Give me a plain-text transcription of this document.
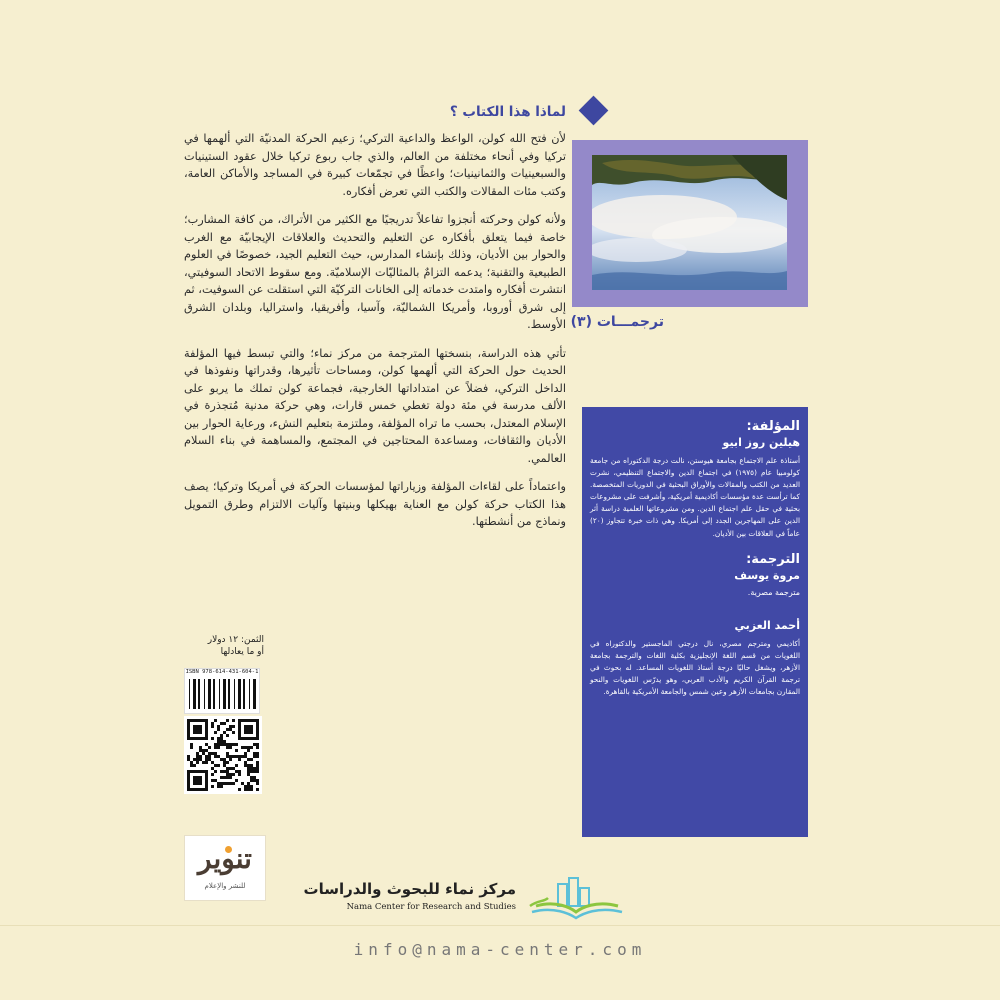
لماذا هذا الكتاب ؟

لأن فتح الله كولن، الواعظ والداعية التركي؛ زعيم الحركة المدنيّة التي ألهمها في تركيا وفي أنحاء مختلفة من العالم، والذي جاب ربوع تركيا خلال عقود الستينيات والسبعينيات والثمانينيات؛ واعظًا في تجمّعات كبيرة في المساجد والأماكن العامة، وكتب مئات المقالات والكتب التي تعرض أفكاره.

ولأنه كولن وحركته أنجزوا تفاعلاً تدريجيًا مع الكثير من الأتراك، من كافة المشارب؛ خاصة فيما يتعلق بأفكاره عن التعليم والتحديث والعلاقات الإيجابيّة مع الغرب والحوار بين الأديان، وذلك بإنشاء المدارس، حيث التعليم الجيد، خصوصًا في العلوم الطبيعية والتقنية؛ يدعمه التزامٌ بالمثاليّات الإسلاميّة. ومع سقوط الاتحاد السوفيتي، انتشرت أفكاره وامتدت خدماته إلى الخانات التركيّة التي استقلت عن السوفيت، ثم إلى شرق أوروبا، وأمريكا الشماليّة، وآسيا، وأفريقيا، واستراليا، وبلدان الشرق الأوسط.

تأتي هذه الدراسة، بنسختها المترجمة من مركز نماء؛ والتي تبسط فيها المؤلفة الحديث حول الحركة التي ألهمها كولن، ومساحات تأثيرها، وقدراتها ونفوذها في الداخل التركي، فضلاً عن امتداداتها الخارجية، فجماعة كولن تملك ما يربو على الألف مدرسة في مئة دولة تغطي خمس قارات، وهي حركة مدنية مُتجذرة في الإسلام المعتدل، بحسب ما تراه المؤلفة، وملتزمة بتعليم النشء، ورعاية الحوار بين الأديان والثقافات، ومساعدة المحتاجين في المجتمع، والمساهمة في بناء السلام العالمي.

واعتماداً على لقاءات المؤلفة وزياراتها لمؤسسات الحركة في أمريكا وتركيا؛ يصف هذا الكتاب حركة كولن مع العناية بهيكلها وبنيتها وآليات الالتزام وطرق التمويل ونماذج من أنشطتها.

الثمن: ١٢ دولار
أو ما يعادلها
ISBN 978-614-431-604-1
تنوير
للنشر والإعلام
ترجمـــات (٣)

المؤلفة:

هيلين روز ابيو

أستاذة علم الاجتماع بجامعة هيوستن، نالت درجة الدكتوراه من جامعة كولومبيا عام (١٩٧٥) في اجتماع الدين والاجتماع التنظيمي، نشرت العديد من الكتب والمقالات والأوراق البحثية في الدوريات المتخصصة. كما ترأست عدة مؤسسات أكاديمية أمريكية، وأشرفت على مشروعات بحثية في حقل علم اجتماع الدين. ومن مشروعاتها العلمية دراسة أثر الدين على المهاجرين الجدد إلى أمريكا. وهي ذات خبرة تتجاوز (٢٠) عاماً في العلاقات بين الأديان.

الترجمة:

مروة يوسف

مترجمة مصرية.

أحمد العزبي

أكاديمي ومترجم مصري، نال درجتي الماجستير والدكتوراه في اللغويات من قسم اللغة الإنجليزية بكلية اللغات والترجمة بجامعة الأزهر، ويشغل حاليًا درجة أستاذ اللغويات المساعد. له بحوث في ترجمة القرآن الكريم والأدب العربي، وهو يدرّس اللغويات والنحو المقارن بجامعات الأزهر وعين شمس والجامعة الأمريكية بالقاهرة.

مركز نماء للبحوث والدراسات
Nama Center for Research and Studies
info@nama-center.com
